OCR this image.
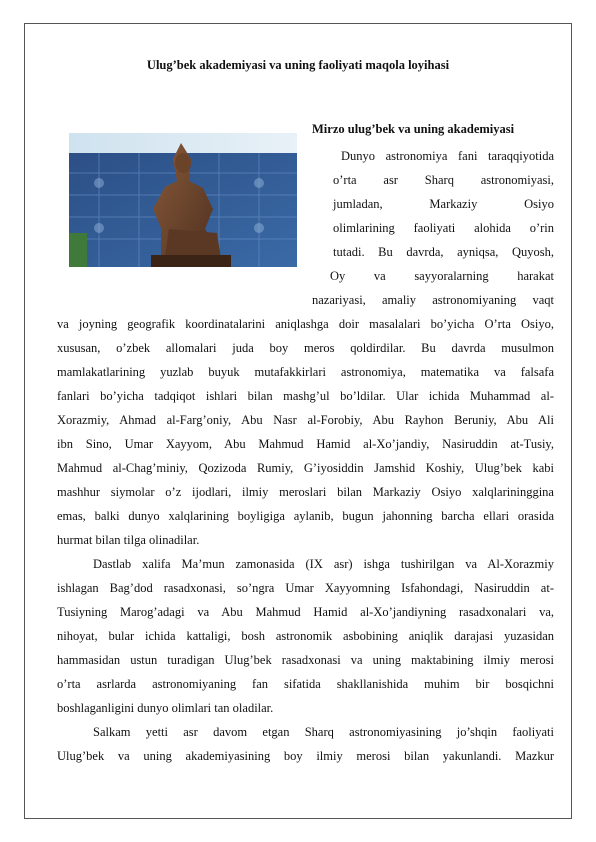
Ulug’bek akademiyasi va uning faoliyati maqola loyihasi
Mirzo ulug’bek va uning akademiyasi
Dunyo astronomiya fani taraqqiyotida
o’rta asr Sharq astronomiyasi,
jumladan, Markaziy Osiyo
olimlarining faoliyati alohida o’rin
tutadi. Bu davrda, ayniqsa, Quyosh,
Oy va sayyoralarning harakat
nazariyasi, amaliy astronomiyaning vaqt
va joyning geografik koordinatalarini aniqlashga doir masalalari bo’yicha O’rta Osiyo,
xususan, o’zbek allomalari juda boy meros qoldirdilar. Bu davrda musulmon
mamlakatlarining yuzlab buyuk mutafakkirlari astronomiya, matematika va falsafa
fanlari bo’yicha tadqiqot ishlari bilan mashg’ul bo’ldilar. Ular ichida Muhammad al-
Xorazmiy, Ahmad al-Farg’oniy, Abu Nasr al-Forobiy, Abu Rayhon Beruniy, Abu Ali
ibn Sino, Umar Xayyom, Abu Mahmud Hamid al-Xo’jandiy, Nasiruddin at-Tusiy,
Mahmud al-Chag’miniy, Qozizoda Rumiy, G’iyosiddin Jamshid Koshiy, Ulug’bek kabi
mashhur siymolar o’z ijodlari, ilmiy meroslari bilan Markaziy Osiyo xalqlarininggina
emas, balki dunyo xalqlarining boyligiga aylanib, bugun jahonning barcha ellari orasida
hurmat bilan tilga olinadilar.
Dastlab xalifa Ma’mun zamonasida (IX asr) ishga tushirilgan va Al-Xorazmiy
ishlagan Bag’dod rasadxonasi, so’ngra Umar Xayyomning Isfahondagi, Nasiruddin at-
Tusiyning Marog’adagi va Abu Mahmud Hamid al-Xo’jandiyning rasadxonalari va,
nihoyat, bular ichida kattaligi, bosh astronomik asbobining aniqlik darajasi yuzasidan
hammasidan ustun turadigan Ulug’bek rasadxonasi va uning maktabining ilmiy merosi
o’rta asrlarda astronomiyaning fan sifatida shakllanishida muhim bir bosqichni
boshlaganligini dunyo olimlari tan oladilar.
Salkam yetti asr davom etgan Sharq astronomiyasining jo’shqin faoliyati
Ulug’bek va uning akademiyasining boy ilmiy merosi bilan yakunlandi. Mazkur
